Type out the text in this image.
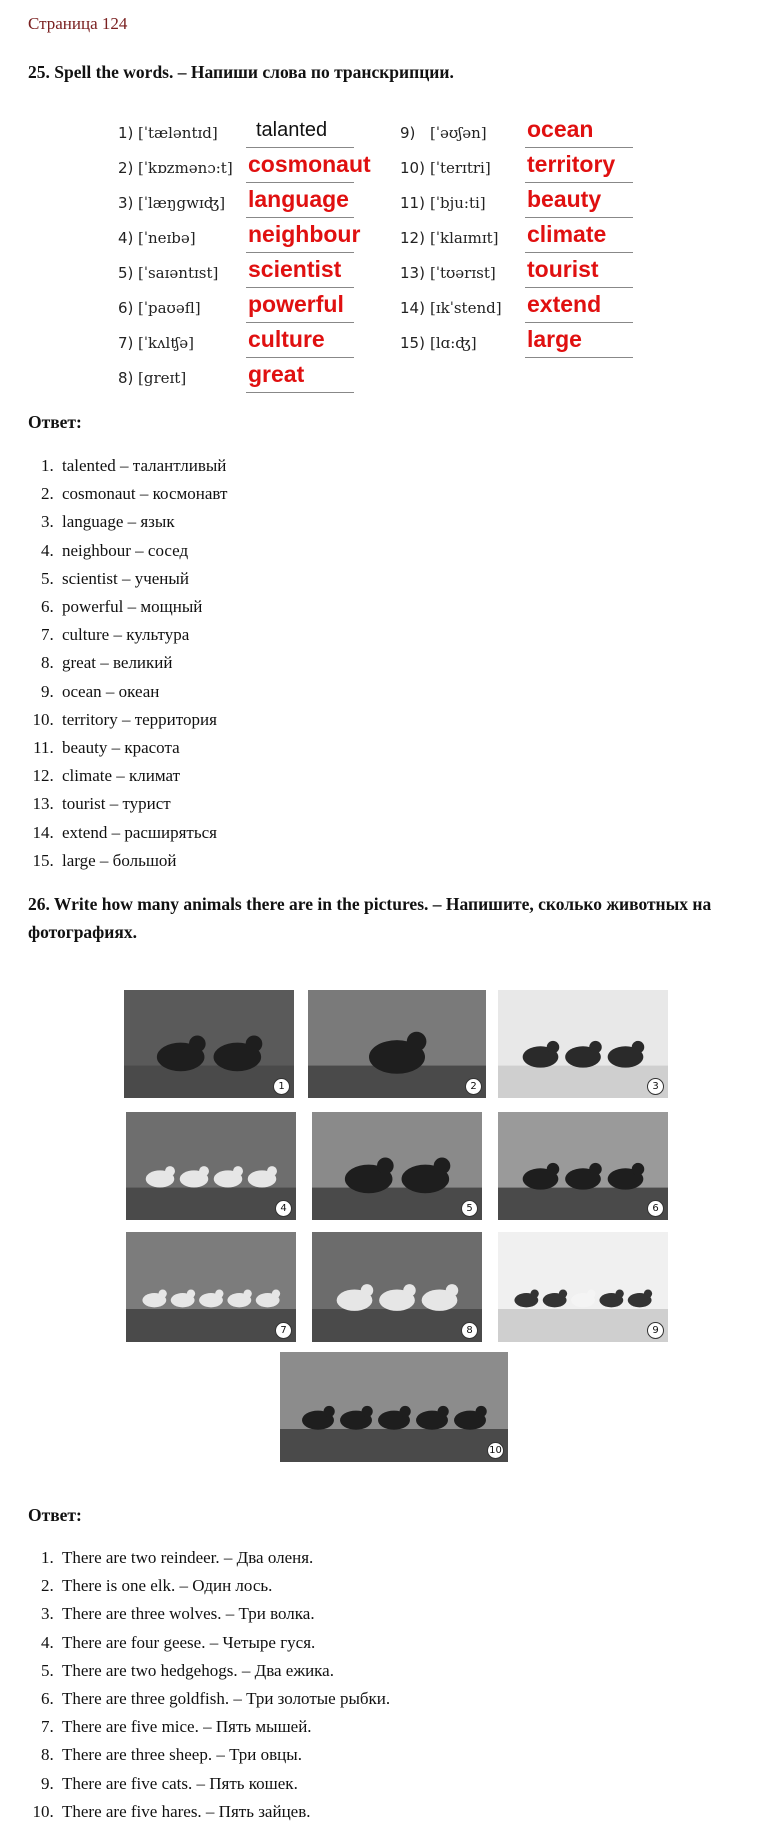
Страница 124
25. Spell the words. – Напиши слова по транскрипции.
1) [ˈtælǝntɪd] talanted
2) [ˈkɒzmǝnɔ:t] cosmonaut
3) [ˈlæŋgwɪʤ] language
4) [ˈneɪbǝ] neighbour
5) [ˈsaɪǝntɪst] scientist
6) [ˈpaʊǝfl] powerful
7) [ˈkʌlʧǝ] culture
8) [greɪt]	great
9) [ˈǝʊʃǝn] ocean
10) [ˈterɪtri] territory
11) [ˈbju:ti] beauty
12) [ˈklaɪmɪt] climate
13) [ˈtʊǝrɪst] tourist
14) [ɪkˈstend] extend
15) [lɑ:ʤ] large
Ответ:
1. talented – талантливый
2. cosmonaut – космонавт
3. language – язык
4. neighbour – сосед
5. scientist – ученый
6. powerful – мощный
7. culture – культура
8. great – великий
9. ocean – океан
10. territory – территория
11. beauty – красота
12. climate – климат
13. tourist – турист
14. extend – расширяться
15. large – большой
26. Write how many animals there are in the pictures. – Напишите, сколько животных на фотографиях.
1	2	3
4	5	6
7	8	9
10
Ответ:
1. There are two reindeer. – Два оленя.
2. There is one elk. – Один лось.
3. There are three wolves. – Три волка.
4. There are four geese. – Четыре гуся.
5. There are two hedgehogs. – Два ежика.
6. There are three goldfish. – Три золотые рыбки.
7. There are five mice. – Пять мышей.
8. There are three sheep. – Три овцы.
9. There are five cats. – Пять кошек.
10. There are five hares. – Пять зайцев.
